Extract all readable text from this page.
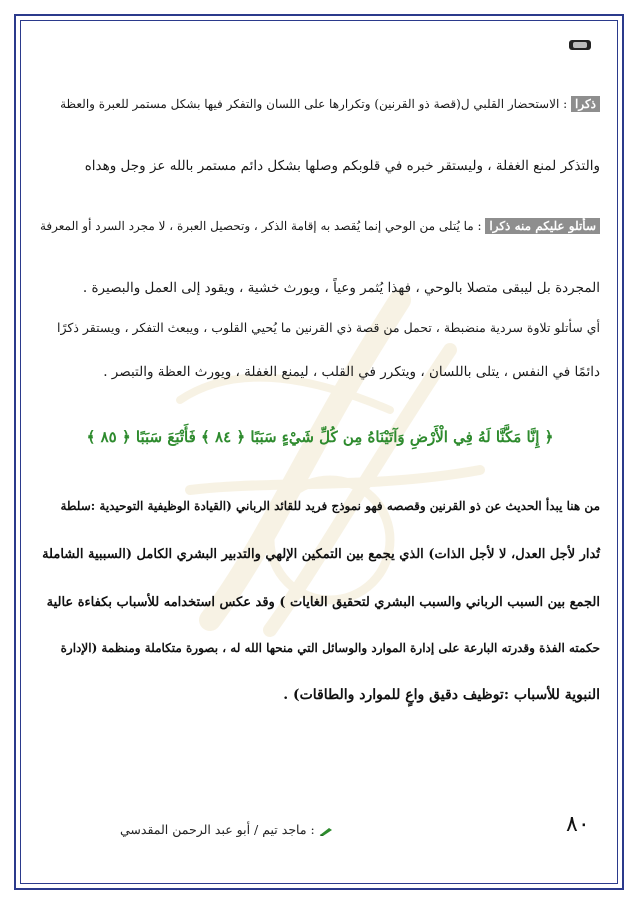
ذكرا : الاستحضار القلبي ل(قصة ذو القرنين) وتكرارها على اللسان والتفكر فيها بشكل مستمر للعبرة والعظة
والتذكر لمنع الغفلة ، وليستقر خبره في قلوبكم وصلها بشكل دائم مستمر بالله عز وجل وهداه
سأتلو عليكم منه ذكرا : ما يُتلى من الوحي إنما يُقصد به إقامة الذكر ، وتحصيل العبرة ، لا مجرد السرد أو المعرفة
المجردة بل ليبقى متصلا بالوحي ، فهذا يُثمر وعياً ، ويورث خشية ، ويقود إلى العمل والبصيرة .
أي سأتلو تلاوة سردية منضبطة ، تحمل من قصة ذي القرنين ما يُحيي القلوب ، ويبعث التفكر ، ويستقر ذكرًا
دائمًا في النفس ، يتلى باللسان ، ويتكرر في القلب ، ليمنع الغفلة ، ويورث العظة والتبصر .
﴿ إِنَّا مَكَّنَّا لَهُ فِي الْأَرْضِ وَآتَيْنَاهُ مِن كُلِّ شَيْءٍ سَبَبًا ﴿ ٨٤ ﴾ فَأَتْبَعَ سَبَبًا ﴿ ٨٥ ﴾
من هنا يبدأ الحديث عن ذو القرنين وقصصه فهو نموذج فريد للقائد الرباني (القيادة الوظيفية التوحيدية :سلطة
تُدار لأجل العدل، لا لأجل الذات) الذي يجمع بين التمكين الإلهي والتدبير البشري الكامل (السببية الشاملة
الجمع بين السبب الرباني والسبب البشري لتحقيق الغايات ) وقد عكس استخدامه للأسباب بكفاءة عالية
حكمته الفذة وقدرته البارعة على إدارة الموارد والوسائل التي منحها الله له ، بصورة متكاملة ومنظمة (الإدارة
النبوية للأسباب :توظيف دقيق واعٍ للموارد والطاقات) .
٨٠
: ماجد تيم / أبو عبد الرحمن المقدسي
